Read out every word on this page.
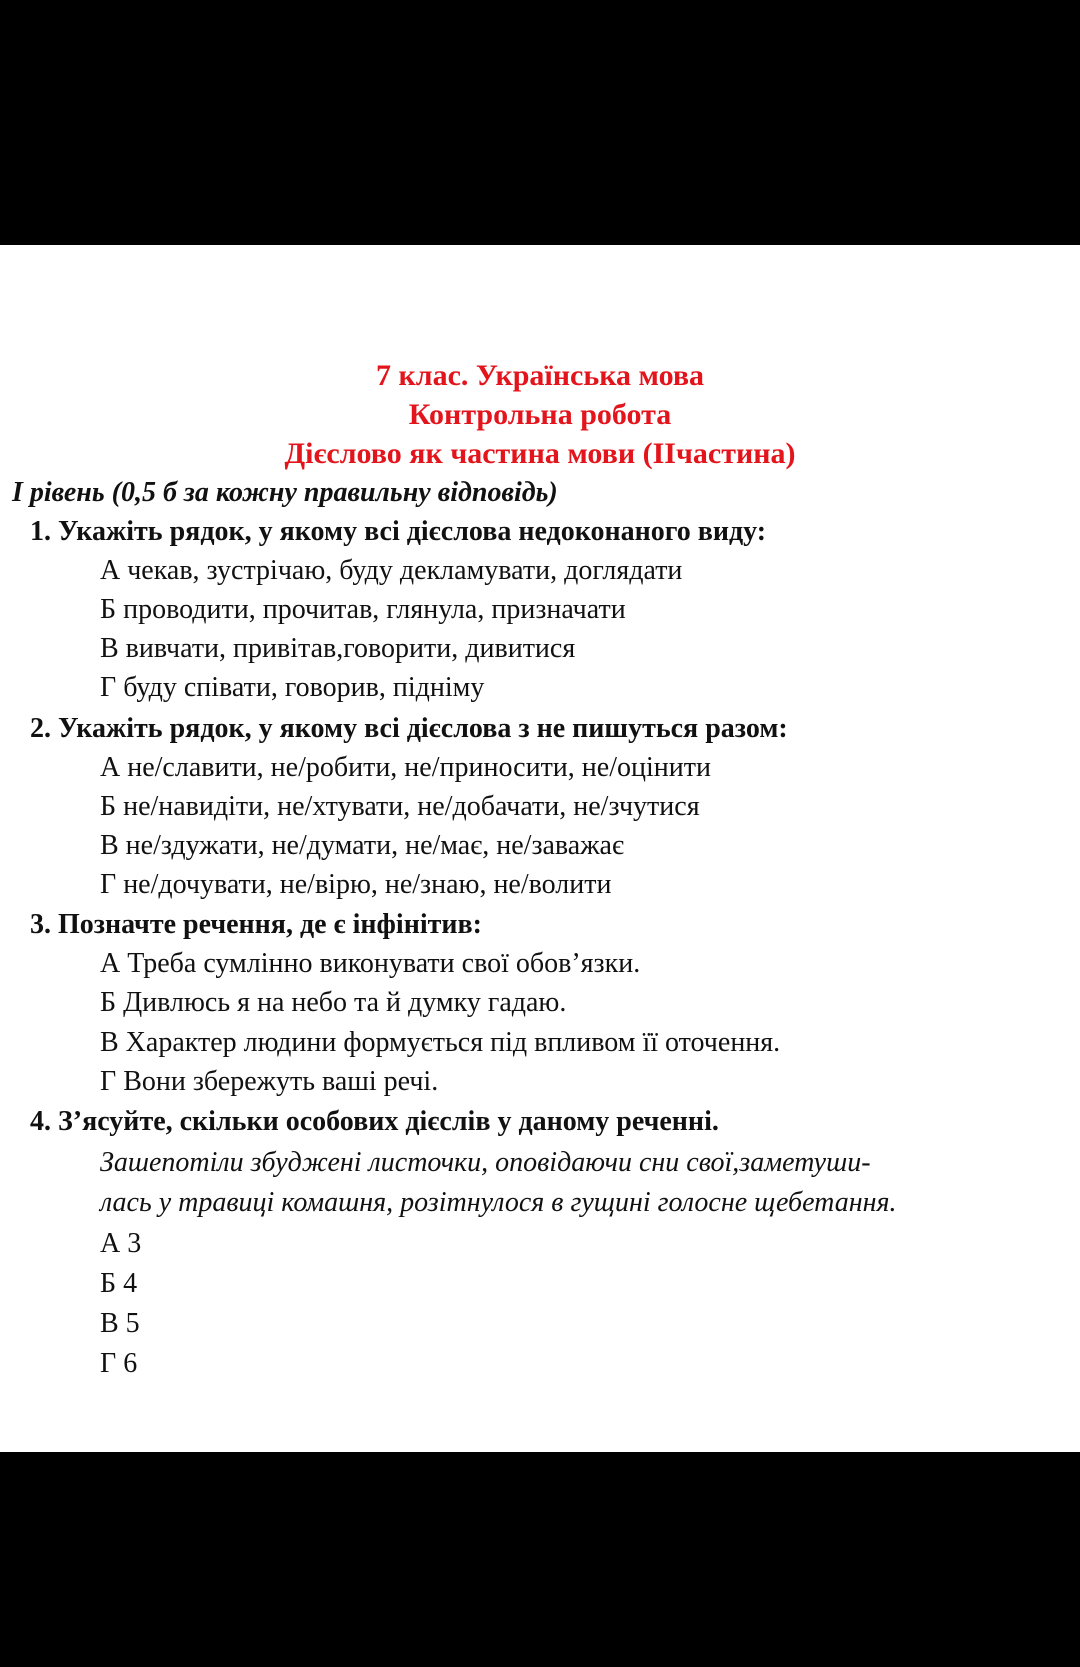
7 клас. Українська мова
Контрольна робота
Дієслово як частина мови (ІІчастина)
І рівень (0,5 б за кожну правильну відповідь)
1. Укажіть рядок, у якому всі дієслова недоконаного виду:
А чекав, зустрічаю, буду декламувати, доглядати
Б проводити, прочитав, глянула, призначати
В вивчати, привітав,говорити, дивитися
Г буду співати, говорив, підніму
2. Укажіть рядок, у якому всі дієслова з не пишуться разом:
А не/славити, не/робити, не/приносити, не/оцінити
Б не/навидіти, не/хтувати, не/добачати, не/зчутися
В не/здужати, не/думати, не/має, не/заважає
Г не/дочувати, не/вірю, не/знаю, не/волити
3. Позначте речення, де є інфінітив:
А Треба сумлінно виконувати свої обов’язки.
Б Дивлюсь я на небо та й думку гадаю.
В Характер людини формується під впливом її оточення.
Г Вони збережуть ваші речі.
4. З’ясуйте, скільки особових дієслів у даному реченні.
Зашепотіли збуджені листочки, оповідаючи сни свої,заметуши-
лась у травиці комашня, розітнулося в гущині голосне щебетання.
А 3
Б 4
В 5
Г 6
